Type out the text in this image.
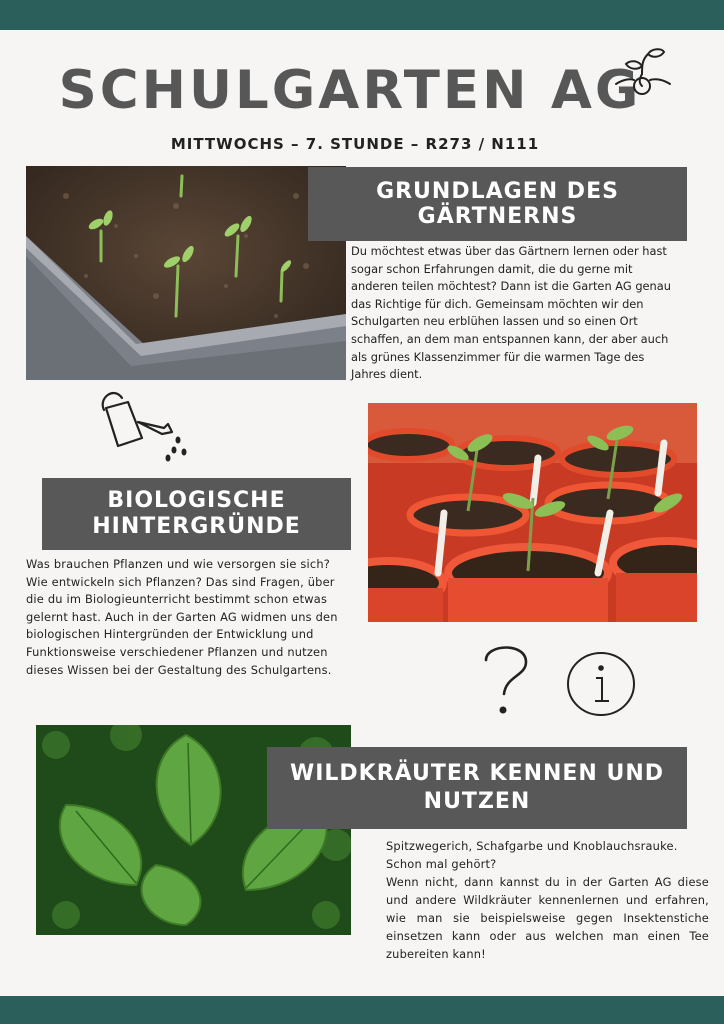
SCHULGARTEN AG
MITTWOCHS – 7. STUNDE – R273 / N111
GRUNDLAGEN DES GÄRTNERNS

Du möchtest etwas über das Gärtnern lernen oder hast sogar schon Erfahrungen damit, die du gerne mit anderen teilen möchtest? Dann ist die Garten AG genau das Richtige für dich. Gemeinsam möchten wir den Schulgarten neu erblühen lassen und so einen Ort schaffen, an dem man entspannen kann, der aber auch als grünes Klassenzimmer für die warmen Tage des Jahres dient.

BIOLOGISCHE
HINTERGRÜNDE

Was brauchen Pflanzen und wie versorgen sie sich? Wie entwickeln sich Pflanzen? Das sind Fragen, über die du im Biologieunterricht bestimmt schon etwas gelernt hast. Auch in der Garten AG widmen uns den biologischen Hintergründen der Entwicklung und Funktionsweise verschiedener Pflanzen und nutzen dieses Wissen bei der Gestaltung des Schulgartens.

WILDKRÄUTER KENNEN UND
NUTZEN

Spitzwegerich, Schafgarbe und Knoblauchsrauke.

Schon mal gehört?

Wenn nicht, dann kannst du in der Garten AG diese und andere Wildkräuter kennenlernen und erfahren, wie man sie beispielsweise gegen Insektenstiche einsetzen kann oder aus welchen man einen Tee zubereiten kann!
